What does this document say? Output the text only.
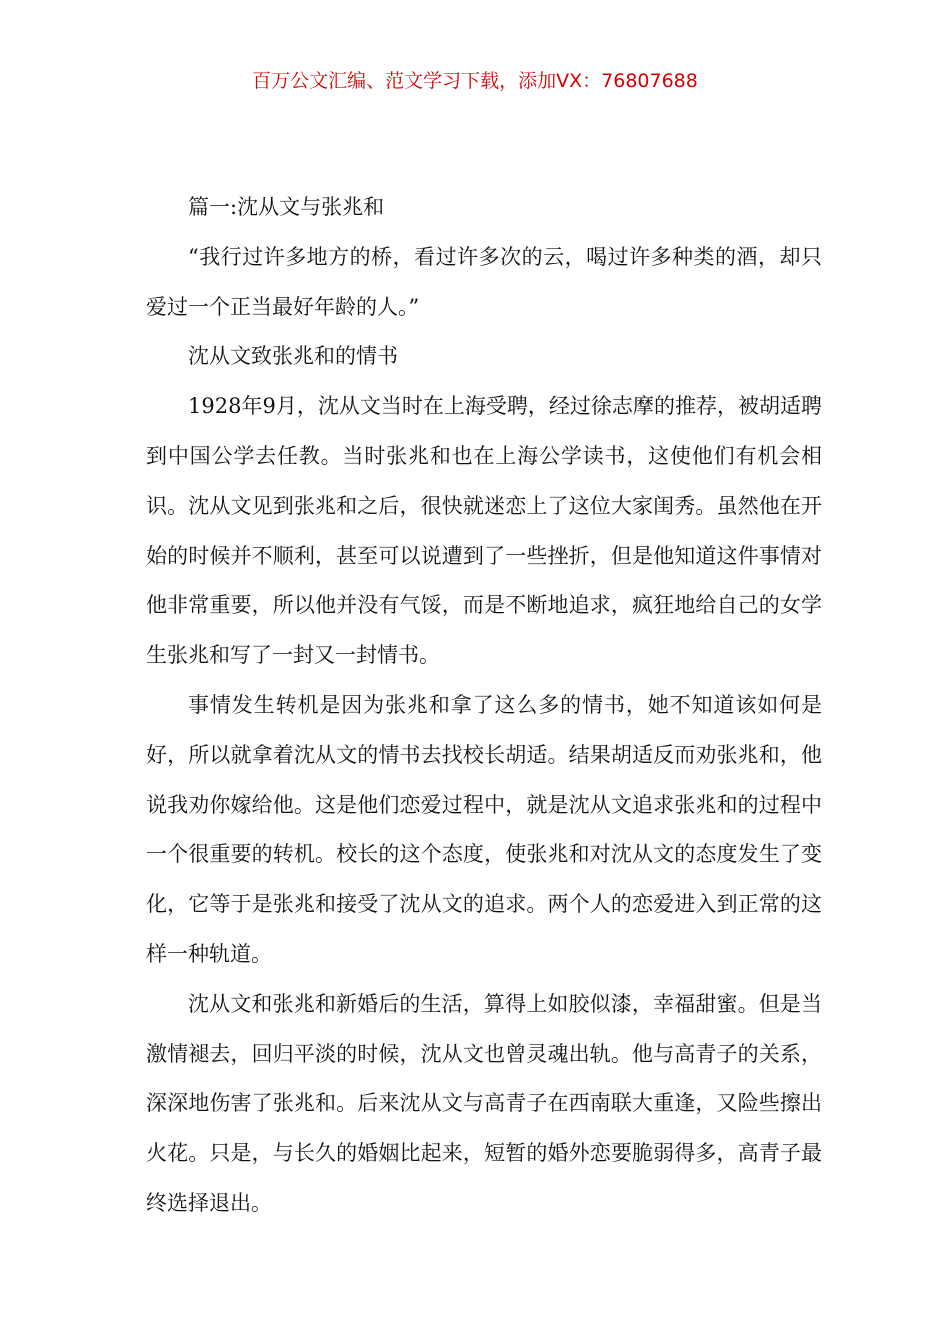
百万公文汇编、范文学习下载，添加VX：76807688

篇一:沈从文与张兆和

“我行过许多地方的桥，看过许多次的云，喝过许多种类的酒，却只爱过一个正当最好年龄的人。”

沈从文致张兆和的情书

1928年9月，沈从文当时在上海受聘，经过徐志摩的推荐，被胡适聘到中国公学去任教。当时张兆和也在上海公学读书，这使他们有机会相识。沈从文见到张兆和之后，很快就迷恋上了这位大家闺秀。虽然他在开始的时候并不顺利，甚至可以说遭到了一些挫折，但是他知道这件事情对他非常重要，所以他并没有气馁，而是不断地追求，疯狂地给自己的女学生张兆和写了一封又一封情书。

事情发生转机是因为张兆和拿了这么多的情书，她不知道该如何是好，所以就拿着沈从文的情书去找校长胡适。结果胡适反而劝张兆和，他说我劝你嫁给他。这是他们恋爱过程中，就是沈从文追求张兆和的过程中一个很重要的转机。校长的这个态度，使张兆和对沈从文的态度发生了变化，它等于是张兆和接受了沈从文的追求。两个人的恋爱进入到正常的这样一种轨道。

沈从文和张兆和新婚后的生活，算得上如胶似漆，幸福甜蜜。但是当激情褪去，回归平淡的时候，沈从文也曾灵魂出轨。他与高青子的关系，深深地伤害了张兆和。后来沈从文与高青子在西南联大重逢，又险些擦出火花。只是，与长久的婚姻比起来，短暂的婚外恋要脆弱得多，高青子最终选择退出。
